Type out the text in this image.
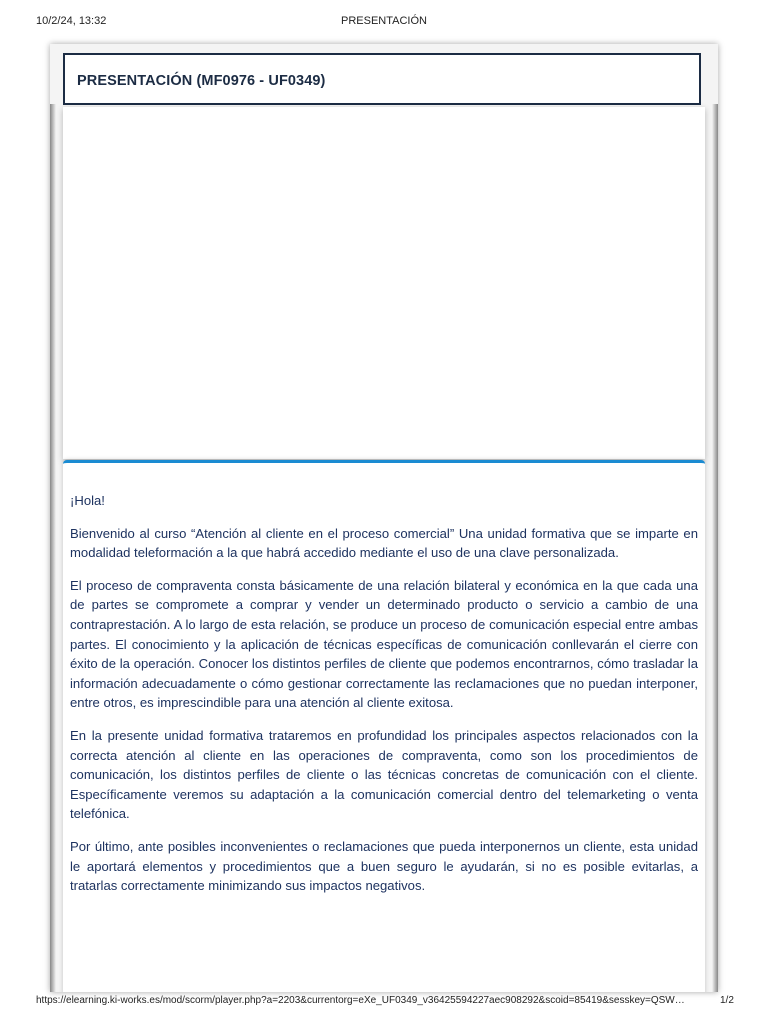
10/2/24, 13:32	PRESENTACIÓN
PRESENTACIÓN (MF0976 - UF0349)

¡Hola!

Bienvenido al curso “Atención al cliente en el proceso comercial” Una unidad formativa que se imparte en modalidad teleformación a la que habrá accedido mediante el uso de una clave personalizada.

El proceso de compraventa consta básicamente de una relación bilateral y económica en la que cada una de partes se compromete a comprar y vender un determinado producto o servicio a cambio de una contraprestación. A lo largo de esta relación, se produce un proceso de comunicación especial entre ambas partes. El conocimiento y la aplicación de técnicas específicas de comunicación conllevarán el cierre con éxito de la operación. Conocer los distintos perfiles de cliente que podemos encontrarnos, cómo trasladar la información adecuadamente o cómo gestionar correctamente las reclamaciones que no puedan interponer, entre otros, es imprescindible para una atención al cliente exitosa.

En la presente unidad formativa trataremos en profundidad los principales aspectos relacionados con la correcta atención al cliente en las operaciones de compraventa, como son los procedimientos de comunicación, los distintos perfiles de cliente o las técnicas concretas de comunicación con el cliente. Específicamente veremos su adaptación a la comunicación comercial dentro del telemarketing o venta telefónica.

Por último, ante posibles inconvenientes o reclamaciones que pueda interponernos un cliente, esta unidad le aportará elementos y procedimientos que a buen seguro le ayudarán, si no es posible evitarlas, a tratarlas correctamente minimizando sus impactos negativos.

https://elearning.ki-works.es/mod/scorm/player.php?a=2203&currentorg=eXe_UF0349_v36425594227aec908292&scoid=85419&sesskey=QSW…	1/2
